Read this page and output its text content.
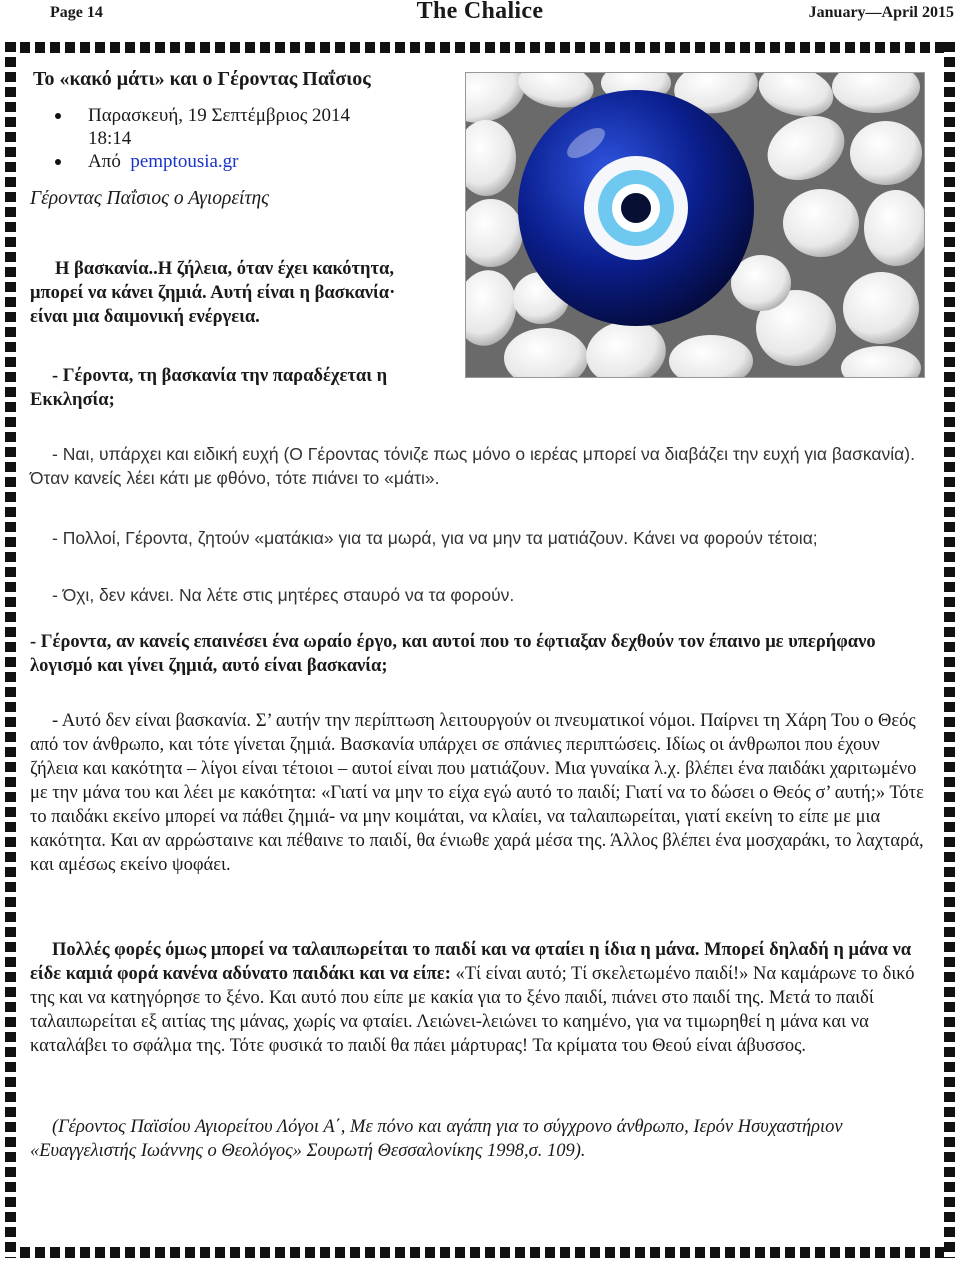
Page 14	The Chalice	January—April 2015
Το «κακό μάτι» και ο Γέροντας Παΐσιος
Παρασκευή, 19 Σεπτέμβριος 2014
18:14
Από pemptousia.gr
Γέροντας Παΐσιος ο Αγιορείτης
Η βασκανία..Η ζήλεια, όταν έχει κακότητα,
μπορεί να κάνει ζημιά. Αυτή είναι η βασκανία·
είναι μια δαιμονική ενέργεια.
- Γέροντα, τη βασκανία την παραδέχεται η Εκκλησία;
- Ναι, υπάρχει και ειδική ευχή (Ο Γέροντας τόνιζε πως μόνο ο ιερέας μπορεί να διαβάζει την ευχή για βασκανία). Όταν κανείς λέει κάτι με φθόνο, τότε πιάνει το «μάτι».
- Πολλοί, Γέροντα, ζητούν «ματάκια» για τα μωρά, για να μην τα ματιάζουν. Κάνει να φορούν τέτοια;
- Όχι, δεν κάνει. Να λέτε στις μητέρες σταυρό να τα φορούν.
- Γέροντα, αν κανείς επαινέσει ένα ωραίο έργο, και αυτοί που το έφτιαξαν δεχθούν τον έπαινο με υπερήφανο λογισμό και γίνει ζημιά, αυτό είναι βασκανία;
- Αυτό δεν είναι βασκανία. Σ’ αυτήν την περίπτωση λειτουργούν οι πνευματικοί νόμοι. Παίρνει τη Χάρη Του ο Θεός από τον άνθρωπο, και τότε γίνεται ζημιά. Βασκανία υπάρχει σε σπάνιες περιπτώσεις. Ιδίως οι άνθρωποι που έχουν ζήλεια και κακότητα – λίγοι είναι τέτοιοι – αυτοί είναι που ματιάζουν. Μια γυναίκα λ.χ. βλέπει ένα παιδάκι χαριτωμένο με την μάνα του και λέει με κακότητα: «Γιατί να μην το είχα εγώ αυτό το παιδί; Γιατί να το δώσει ο Θεός σ’ αυτή;» Τότε το παιδάκι εκείνο μπορεί να πάθει ζημιά- να μην κοιμάται, να κλαίει, να ταλαιπωρείται, γιατί εκείνη το είπε με μια κακότητα. Και αν αρρώσταινε και πέθαινε το παιδί, θα ένιωθε χαρά μέσα της. Άλλος βλέπει ένα μοσχαράκι, το λαχταρά, και αμέσως εκείνο ψοφάει.
Πολλές φορές όμως μπορεί να ταλαιπωρείται το παιδί και να φταίει η ίδια η μάνα. Μπορεί δηλαδή η μάνα να είδε καμιά φορά κανένα αδύνατο παιδάκι και να είπε: «Τί είναι αυτό; Τί σκελετωμένο παιδί!» Να καμάρωνε το δικό της και να κατηγόρησε το ξένο. Και αυτό που είπε με κακία για το ξένο παιδί, πιάνει στο παιδί της. Μετά το παιδί ταλαιπωρείται εξ αιτίας της μάνας, χωρίς να φταίει. Λειώνει-λειώνει το καημένο, για να τιμωρηθεί η μάνα και να καταλάβει το σφάλμα της. Τότε φυσικά το παιδί θα πάει μάρτυρας! Τα κρίματα του Θεού είναι άβυσσος.
(Γέροντος Παϊσίου Αγιορείτου Λόγοι Α΄, Με πόνο και αγάπη για το σύγχρονο άνθρωπο, Ιερόν Ησυχαστήριον «Ευαγγελιστής Ιωάννης ο Θεολόγος» Σουρωτή Θεσσαλονίκης 1998,σ. 109).
